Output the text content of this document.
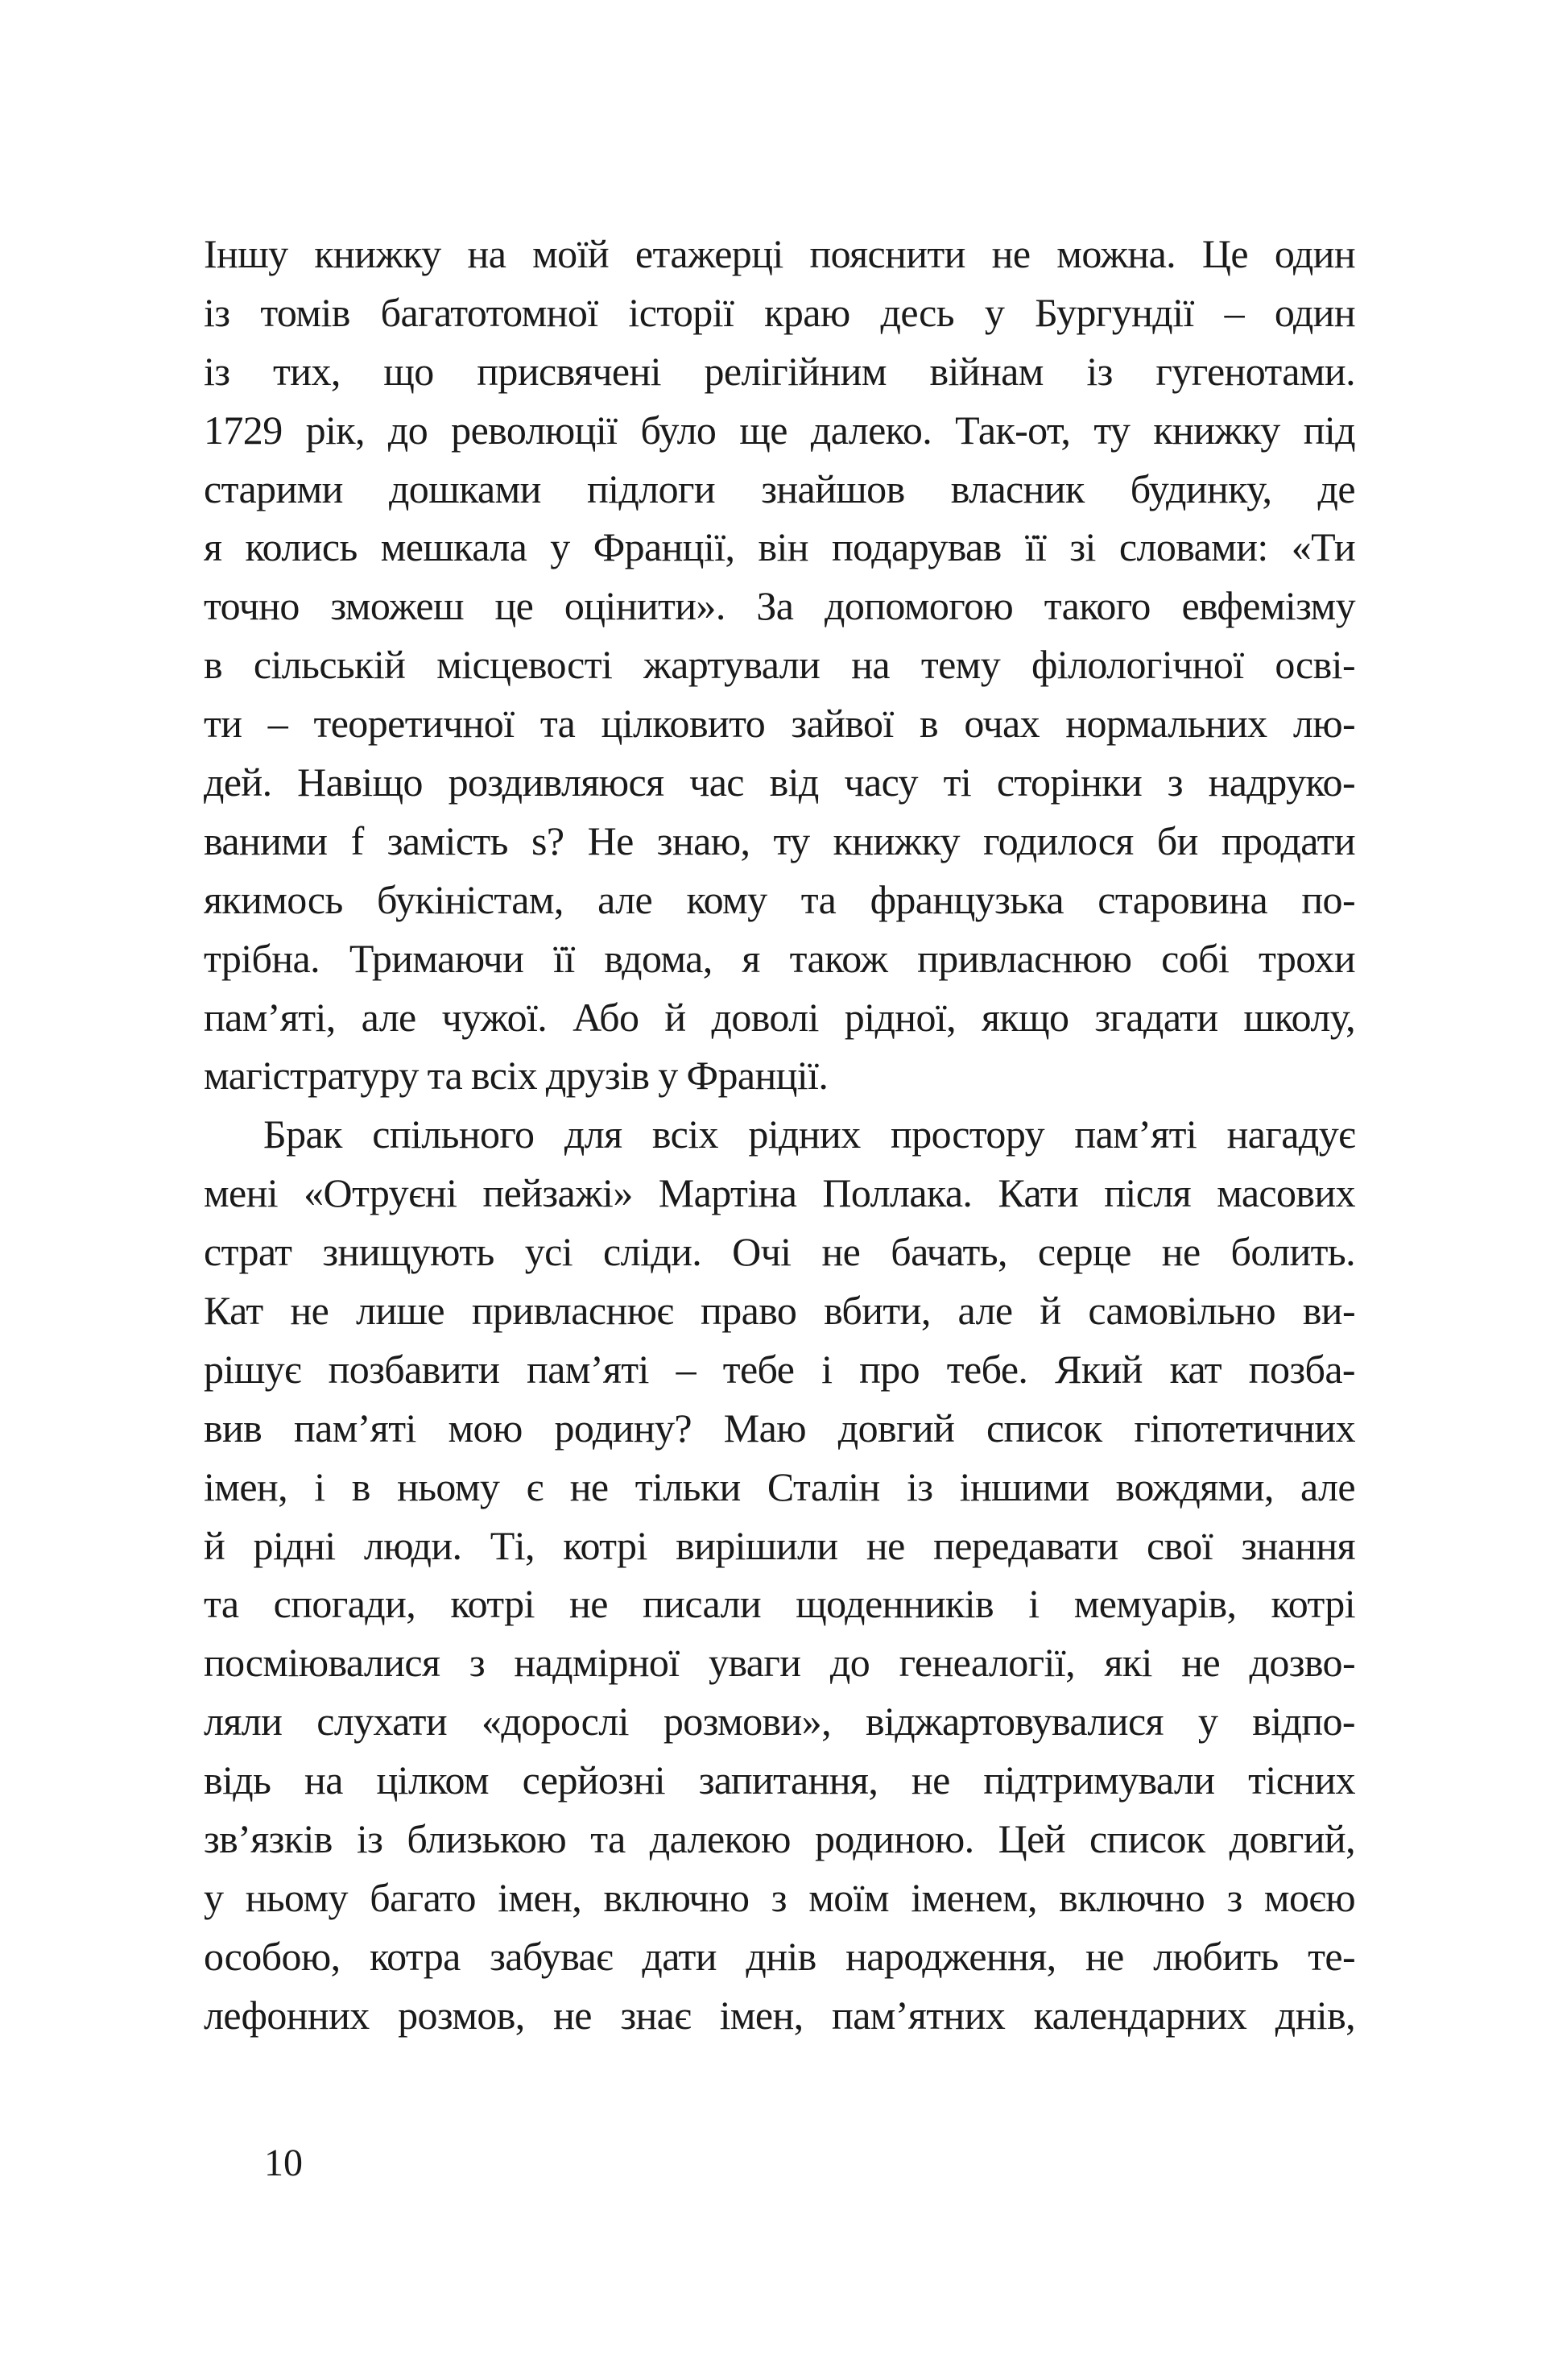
Іншу книжку на моїй етажерці пояснити не можна. Це один
із томів багатотомної історії краю десь у Бургундії – один
із тих, що присвячені релігійним війнам із гугенотами.
1729 рік, до революції було ще далеко. Так-от, ту книжку під
старими дошками підлоги знайшов власник будинку, де
я колись мешкала у Франції, він подарував її зі словами: «Ти
точно зможеш це оцінити». За допомогою такого евфемізму
в сільській місцевості жартували на тему філологічної осві-
ти – теоретичної та цілковито зайвої в очах нормальних лю-
дей. Навіщо роздивляюся час від часу ті сторінки з надруко-
ваними f замість s? Не знаю, ту книжку годилося би продати
якимось букіністам, але кому та французька старовина по-
трібна. Тримаючи її вдома, я також привласнюю собі трохи
пам’яті, але чужої. Або й доволі рідної, якщо згадати школу,
магістратуру та всіх друзів у Франції.
Брак спільного для всіх рідних простору пам’яті нагадує
мені «Отруєні пейзажі» Мартіна Поллака. Кати після масових
страт знищують усі сліди. Очі не бачать, серце не болить.
Кат не лише привласнює право вбити, але й самовільно ви-
рішує позбавити пам’яті – тебе і про тебе. Який кат позба-
вив пам’яті мою родину? Маю довгий список гіпотетичних
імен, і в ньому є не тільки Сталін із іншими вождями, але
й рідні люди. Ті, котрі вирішили не передавати свої знання
та спогади, котрі не писали щоденників і мемуарів, котрі
посміювалися з надмірної уваги до генеалогії, які не дозво-
ляли слухати «дорослі розмови», віджартовувалися у відпо-
відь на цілком серйозні запитання, не підтримували тісних
зв’язків із близькою та далекою родиною. Цей список довгий,
у ньому багато імен, включно з моїм іменем, включно з моєю
особою, котра забуває дати днів народження, не любить те-
лефонних розмов, не знає імен, пам’ятних календарних днів,
10
